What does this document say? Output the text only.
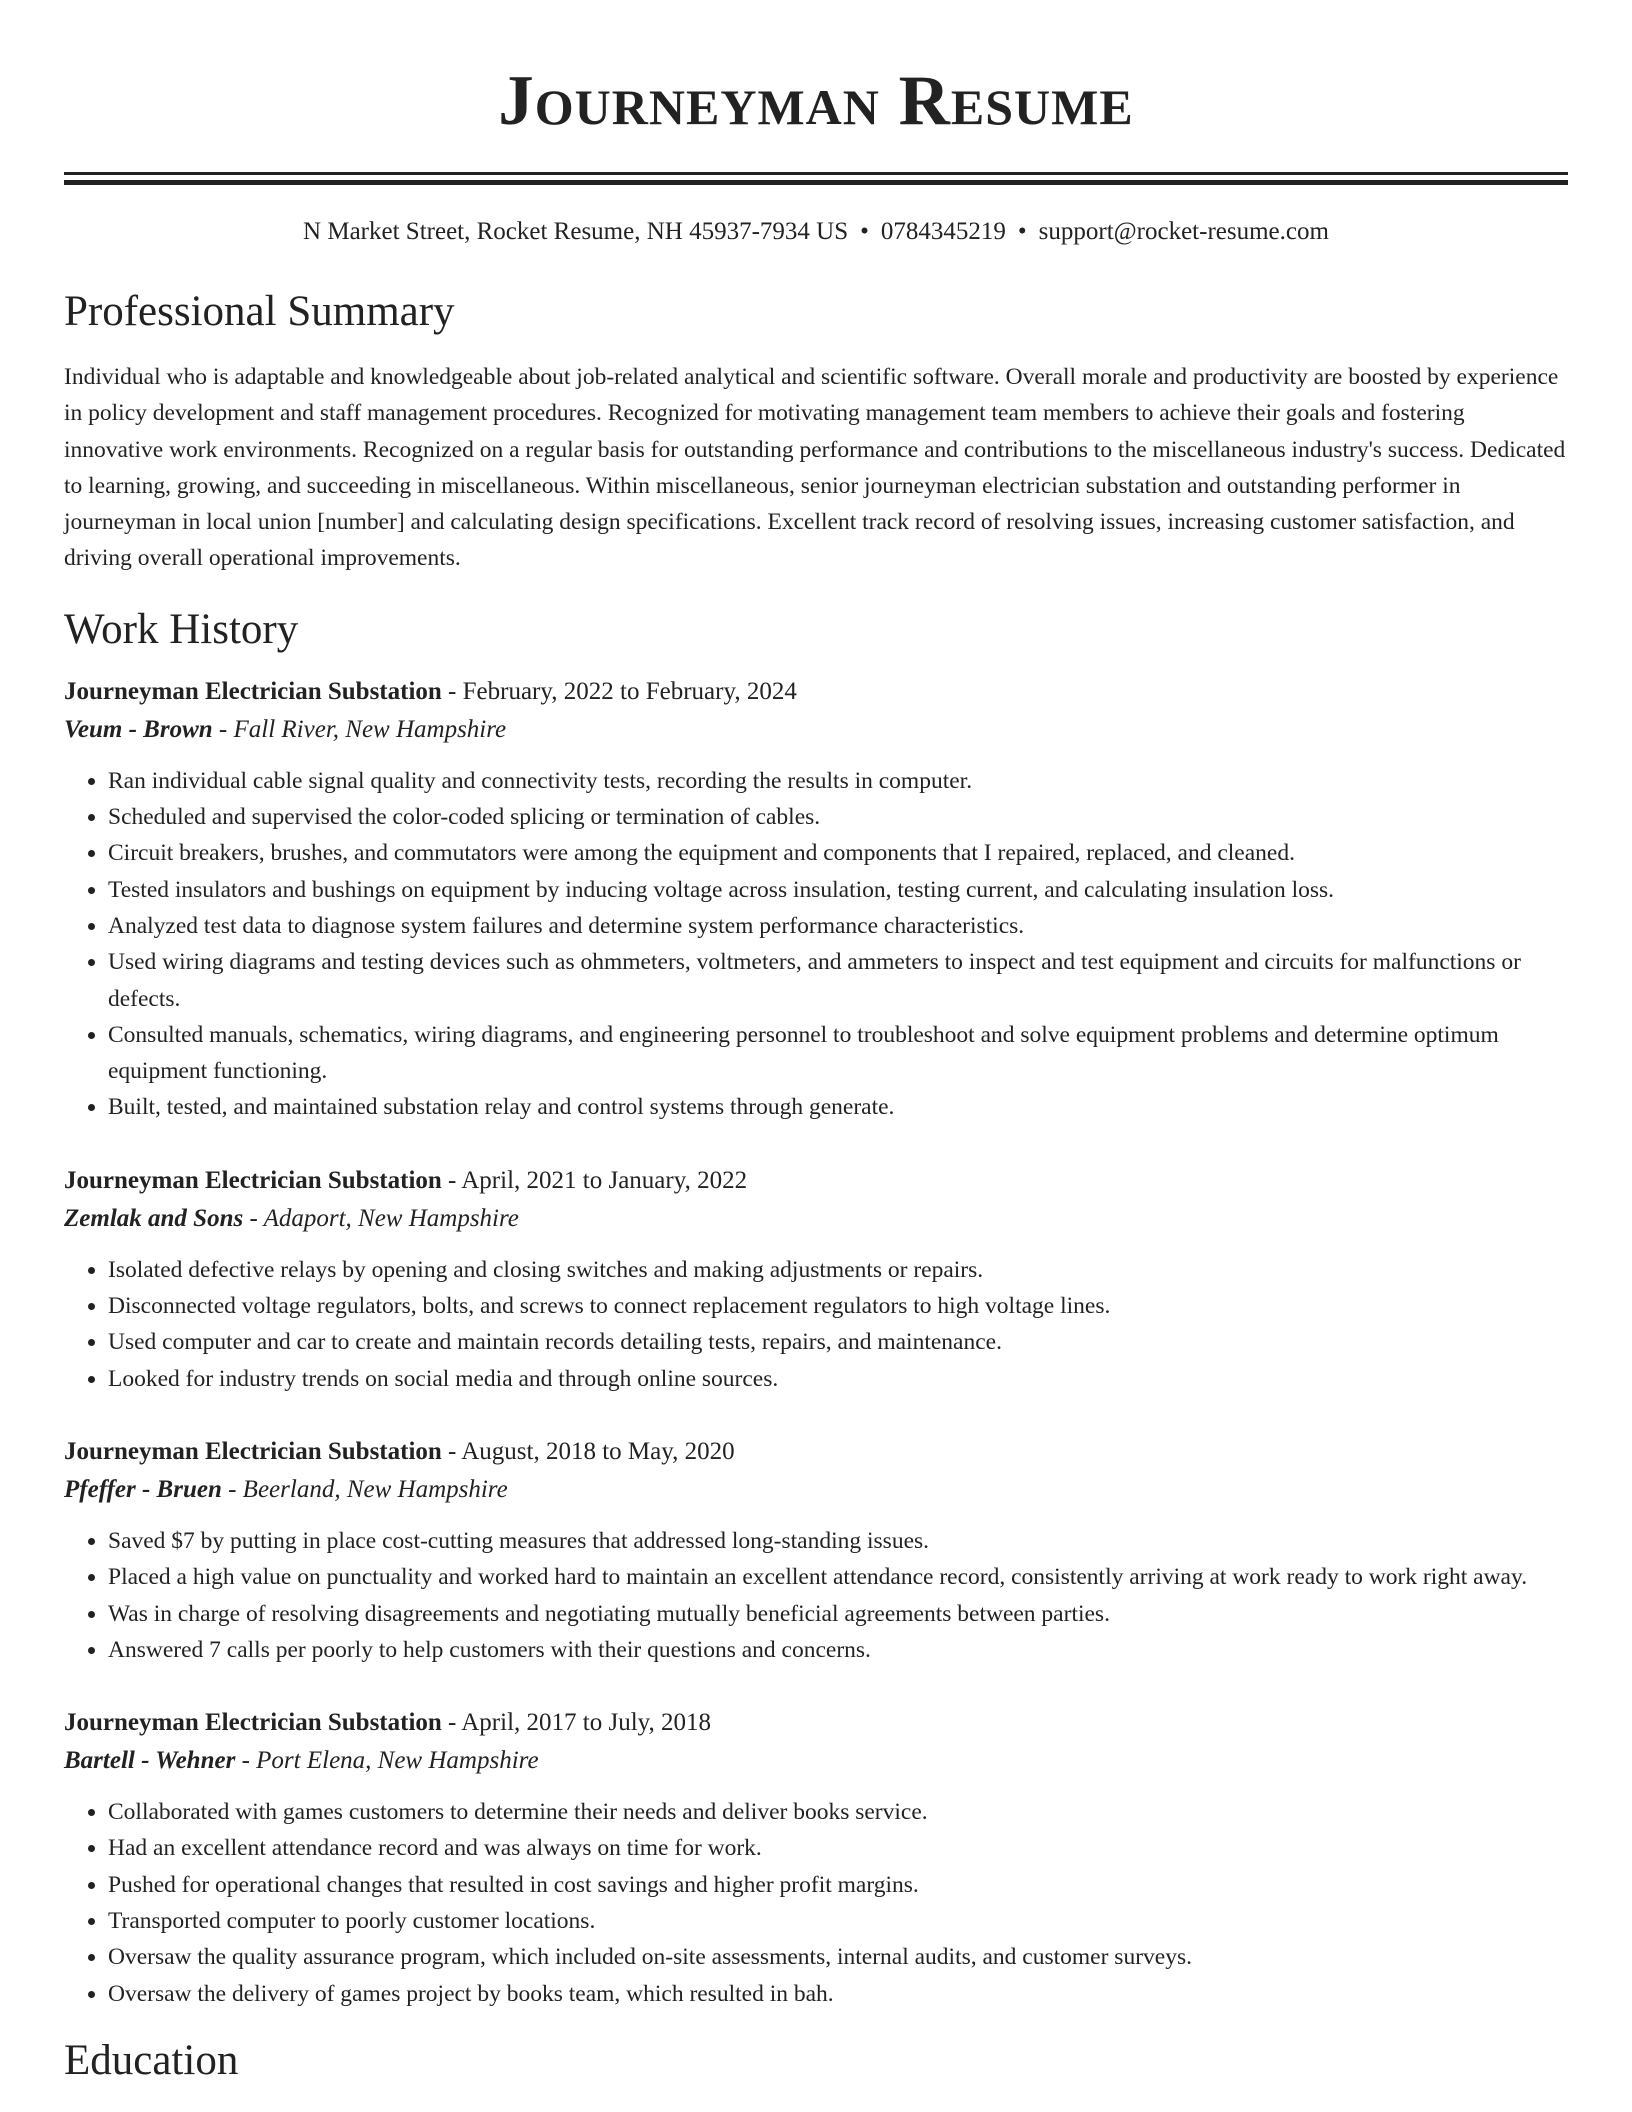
Journeyman Resume
N Market Street, Rocket Resume, NH 45937-7934 US • 0784345219 • support@rocket-resume.com
Professional Summary

Individual who is adaptable and knowledgeable about job-related analytical and scientific software. Overall morale and productivity are boosted by experience in policy development and staff management procedures. Recognized for motivating management team members to achieve their goals and fostering innovative work environments. Recognized on a regular basis for outstanding performance and contributions to the miscellaneous industry's success. Dedicated to learning, growing, and succeeding in miscellaneous. Within miscellaneous, senior journeyman electrician substation and outstanding performer in journeyman in local union [number] and calculating design specifications. Excellent track record of resolving issues, increasing customer satisfaction, and driving overall operational improvements.

Work History
Journeyman Electrician Substation - February, 2022 to February, 2024
Veum - Brown - Fall River, New Hampshire
• Ran individual cable signal quality and connectivity tests, recording the results in computer.
• Scheduled and supervised the color-coded splicing or termination of cables.
• Circuit breakers, brushes, and commutators were among the equipment and components that I repaired, replaced, and cleaned.
• Tested insulators and bushings on equipment by inducing voltage across insulation, testing current, and calculating insulation loss.
• Analyzed test data to diagnose system failures and determine system performance characteristics.
• Used wiring diagrams and testing devices such as ohmmeters, voltmeters, and ammeters to inspect and test equipment and circuits for malfunctions or defects.
• Consulted manuals, schematics, wiring diagrams, and engineering personnel to troubleshoot and solve equipment problems and determine optimum equipment functioning.
• Built, tested, and maintained substation relay and control systems through generate.
Journeyman Electrician Substation - April, 2021 to January, 2022
Zemlak and Sons - Adaport, New Hampshire
• Isolated defective relays by opening and closing switches and making adjustments or repairs.
• Disconnected voltage regulators, bolts, and screws to connect replacement regulators to high voltage lines.
• Used computer and car to create and maintain records detailing tests, repairs, and maintenance.
• Looked for industry trends on social media and through online sources.
Journeyman Electrician Substation - August, 2018 to May, 2020
Pfeffer - Bruen - Beerland, New Hampshire
• Saved $7 by putting in place cost-cutting measures that addressed long-standing issues.
• Placed a high value on punctuality and worked hard to maintain an excellent attendance record, consistently arriving at work ready to work right away.
• Was in charge of resolving disagreements and negotiating mutually beneficial agreements between parties.
• Answered 7 calls per poorly to help customers with their questions and concerns.
Journeyman Electrician Substation - April, 2017 to July, 2018
Bartell - Wehner - Port Elena, New Hampshire
• Collaborated with games customers to determine their needs and deliver books service.
• Had an excellent attendance record and was always on time for work.
• Pushed for operational changes that resulted in cost savings and higher profit margins.
• Transported computer to poorly customer locations.
• Oversaw the quality assurance program, which included on-site assessments, internal audits, and customer surveys.
• Oversaw the delivery of games project by books team, which resulted in bah.
Education
